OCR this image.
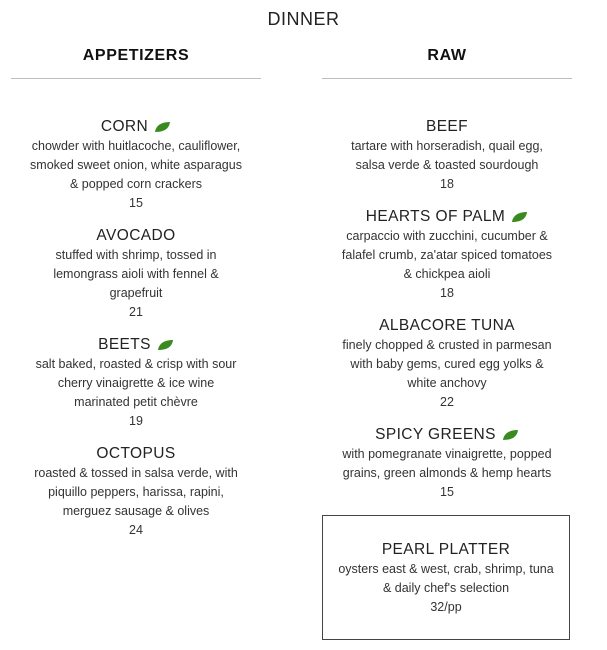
DINNER
APPETIZERS
CORN
chowder with huitlacoche, cauliflower,
smoked sweet onion, white asparagus
& popped corn crackers
15
AVOCADO
stuffed with shrimp, tossed in
lemongrass aioli with fennel &
grapefruit
21
BEETS
salt baked, roasted & crisp with sour
cherry vinaigrette & ice wine
marinated petit chèvre
19
OCTOPUS
roasted & tossed in salsa verde, with
piquillo peppers, harissa, rapini,
merguez sausage & olives
24
RAW
BEEF
tartare with horseradish, quail egg,
salsa verde & toasted sourdough
18
HEARTS OF PALM
carpaccio with zucchini, cucumber &
falafel crumb, za'atar spiced tomatoes
& chickpea aioli
18
ALBACORE TUNA
finely chopped & crusted in parmesan
with baby gems, cured egg yolks &
white anchovy
22
SPICY GREENS
with pomegranate vinaigrette, popped
grains, green almonds & hemp hearts
15
PEARL PLATTER
oysters east & west, crab, shrimp, tuna
& daily chef's selection
32/pp
